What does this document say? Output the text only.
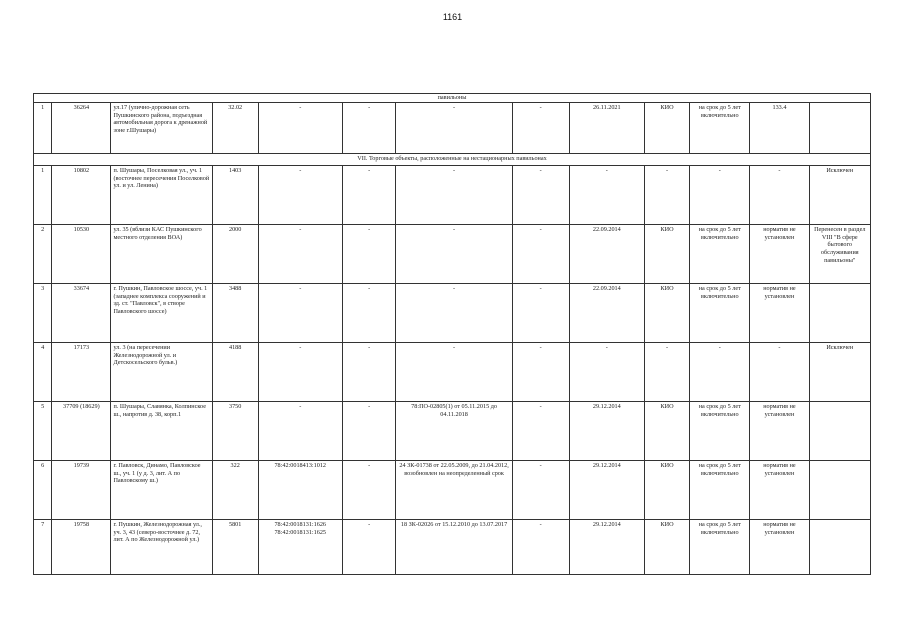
1161
павильоны												
1	36264	ул.17 (улично-дорожная сеть Пушкинского района, подъездная автомобильная дорога к дренажной зоне г.Шушары)	32.02	-	-	-	-	26.11.2021	КИО	на срок до 5 лет включительно	133.4	
VII. Торговые объекты, расположенные на нестационарных павильонах												
1	10802	п. Шушары, Поселковая ул., уч. 1 (восточнее пересечения Поселковой ул. и ул. Ленина)	1403	-	-	-	-	-	-	-	-	Исключен
2	10530	ул. 35 (вблизи КАС Пушкинского местного отделения ВОА)	2000	-	-	-	-	22.09.2014	КИО	на срок до 5 лет включительно	норматив не установлен	Перенесен в раздел VIII "В сфере бытового обслуживания павильоны"
3	33674	г. Пушкин, Павловское шоссе, уч. 1 (западнее комплекса сооружений и зд. ст. "Павловск", в створе Павловского шоссе)	3488	-	-	-	-	22.09.2014	КИО	на срок до 5 лет включительно	норматив не установлен	
4	17173	ул. 3 (на пересечении Железнодорожной ул. и Детскосельского бульв.)	4188	-	-	-	-	-	-	-	-	Исключен
5	37709 (18629)	п. Шушары, Славянка, Колпинское ш., напротив д. 38, корп.1	3750	-	-	78:ПО-02805(1) от 05.11.2015 до 04.11.2018	-	29.12.2014	КИО	на срок до 5 лет включительно	норматив не установлен	
6	19739	г. Павловск, Динамо, Павловское ш., уч. 1 (у д. 3, лит. А по Павловскому ш.)	322	78:42:0018413:1012	-	24 ЗК-01738 от 22.05.2009, до 21.04.2012, возобновлен на неопределенный срок	-	29.12.2014	КИО	на срок до 5 лет включительно	норматив не установлен	
7	19758	г. Пушкин, Железнодорожная ул., уч. 3, 43 (северо-восточнее д. 72, лит. А по Железнодорожной ул.)	5801	78:42:0018131:1626 78:42:0018131:1625	-	18 ЗК-02026 от 15.12.2010 до 13.07.2017	-	29.12.2014	КИО	на срок до 5 лет включительно	норматив не установлен	
